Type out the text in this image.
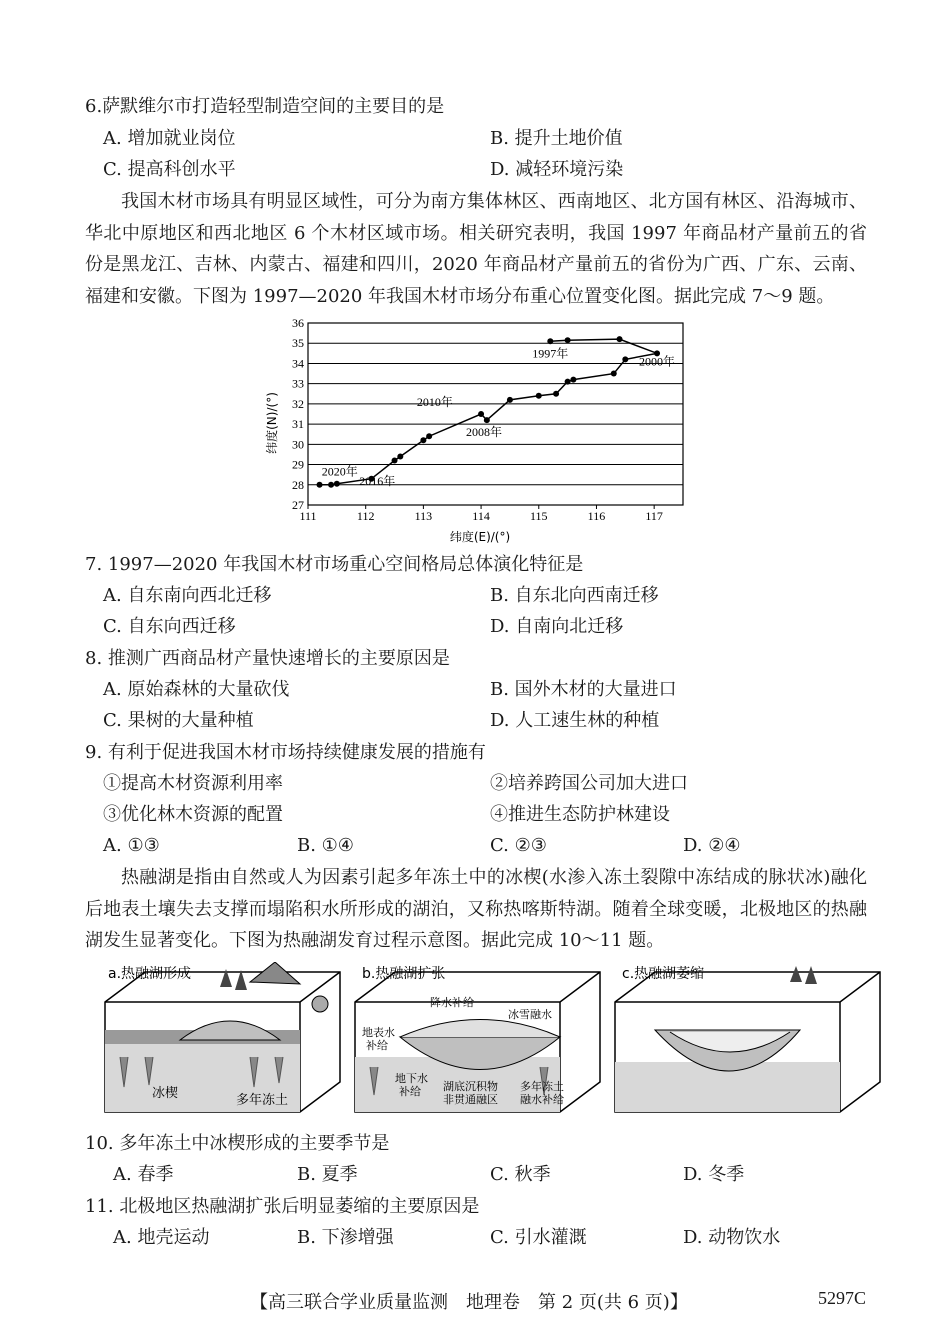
6.萨默维尔市打造轻型制造空间的主要目的是
A. 增加就业岗位	B. 提升土地价值
C. 提高科创水平	D. 减轻环境污染
我国木材市场具有明显区域性，可分为南方集体林区、西南地区、北方国有林区、沿海城市、华北中原地区和西北地区 6 个木材区域市场。相关研究表明，我国 1997 年商品材产量前五的省份是黑龙江、吉林、内蒙古、福建和四川，2020 年商品材产量前五的省份为广西、广东、云南、福建和安徽。下图为 1997—2020 年我国木材市场分布重心位置变化图。据此完成 7～9 题。
27
28
29
30
31
32
33
34
35
36
111	112	113	114	115	116	117
1997年
2000年
2010年
2008年
2020年
2016年
纬度(N)/(°)
纬度(E)/(°)
7. 1997—2020 年我国木材市场重心空间格局总体演化特征是
A. 自东南向西北迁移	B. 自东北向西南迁移
C. 自东向西迁移	D. 自南向北迁移
8. 推测广西商品材产量快速增长的主要原因是
A. 原始森林的大量砍伐	B. 国外木材的大量进口
C. 果树的大量种植	D. 人工速生林的种植
9. 有利于促进我国木材市场持续健康发展的措施有
①提高木材资源利用率	②培养跨国公司加大进口
③优化林木资源的配置	④推进生态防护林建设
A. ①③	B. ①④	C. ②③	D. ②④
热融湖是指由自然或人为因素引起多年冻土中的冰楔(水渗入冻土裂隙中冻结成的脉状冰)融化后地表土壤失去支撑而塌陷积水所形成的湖泊，又称热喀斯特湖。随着全球变暖，北极地区的热融湖发生显著变化。下图为热融湖发育过程示意图。据此完成 10～11 题。
a.热融湖形成
冰楔	多年冻土
b.热融湖扩张
降水补给
冰雪融水
地表水
补给
地下水
补给 湖底沉积物
非贯通融区
多年冻土
融水补给
c.热融湖萎缩
10. 多年冻土中冰楔形成的主要季节是
A. 春季	B. 夏季	C. 秋季	D. 冬季
11. 北极地区热融湖扩张后明显萎缩的主要原因是
A. 地壳运动	B. 下渗增强	C. 引水灌溉	D. 动物饮水
【高三联合学业质量监测　地理卷　第 2 页(共 6 页)】	5297C
